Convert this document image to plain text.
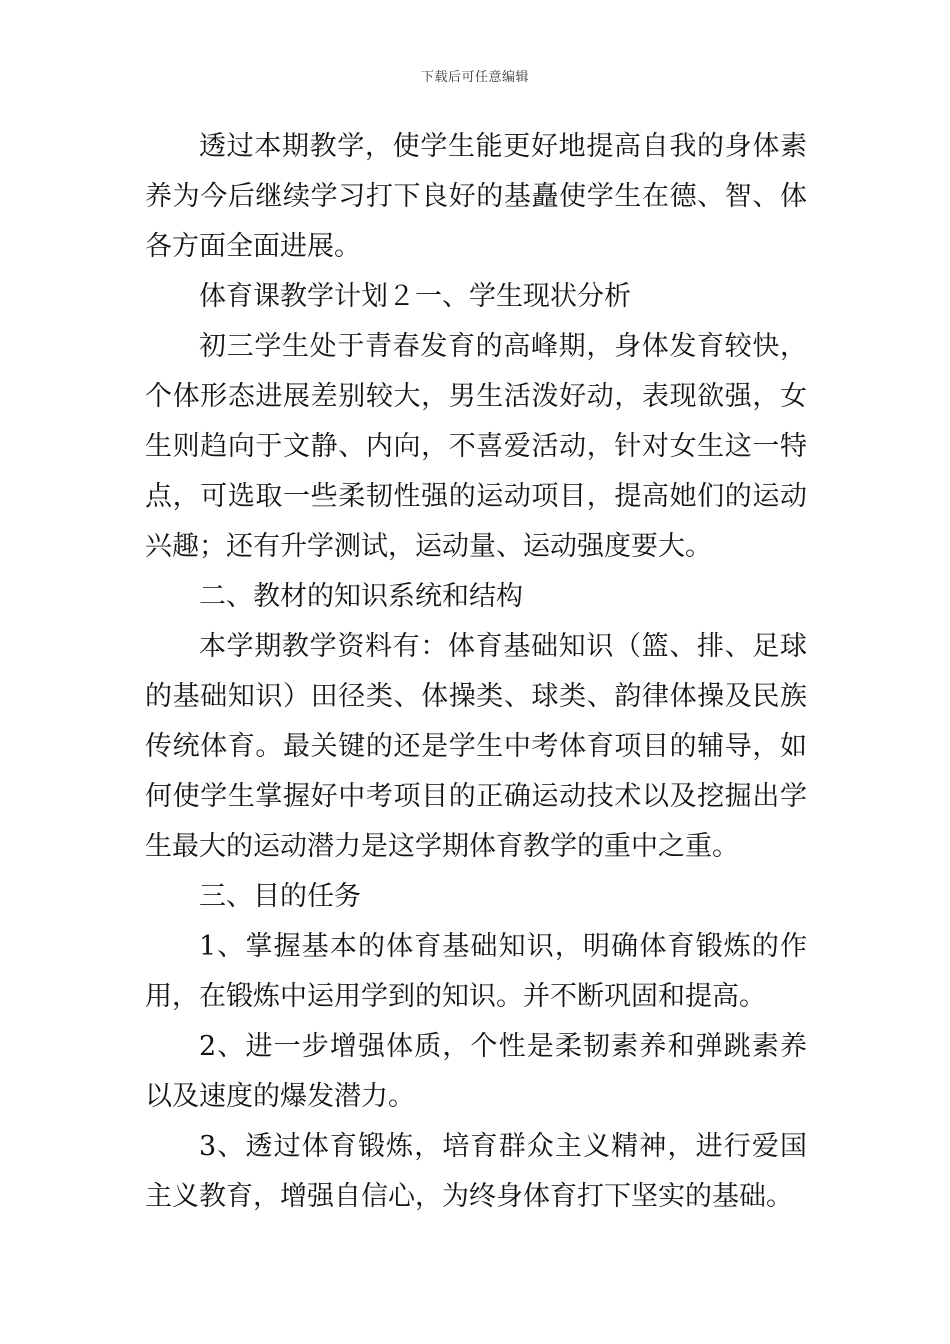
下载后可任意编辑

透过本期教学，使学生能更好地提高自我的身体素养为今后继续学习打下良好的基矗使学生在德、智、体各方面全面进展。

体育课教学计划２一、学生现状分析

初三学生处于青春发育的高峰期，身体发育较快，个体形态进展差别较大，男生活泼好动，表现欲强，女生则趋向于文静、内向，不喜爱活动，针对女生这一特点，可选取一些柔韧性强的运动项目，提高她们的运动兴趣；还有升学测试，运动量、运动强度要大。

二、教材的知识系统和结构

本学期教学资料有：体育基础知识（篮、排、足球的基础知识）田径类、体操类、球类、韵律体操及民族传统体育。最关键的还是学生中考体育项目的辅导，如何使学生掌握好中考项目的正确运动技术以及挖掘出学生最大的运动潜力是这学期体育教学的重中之重。

三、目的任务

1、掌握基本的体育基础知识，明确体育锻炼的作用，在锻炼中运用学到的知识。并不断巩固和提高。

2、进一步增强体质，个性是柔韧素养和弹跳素养以及速度的爆发潜力。

3、透过体育锻炼，培育群众主义精神，进行爱国主义教育，增强自信心，为终身体育打下坚实的基础。
